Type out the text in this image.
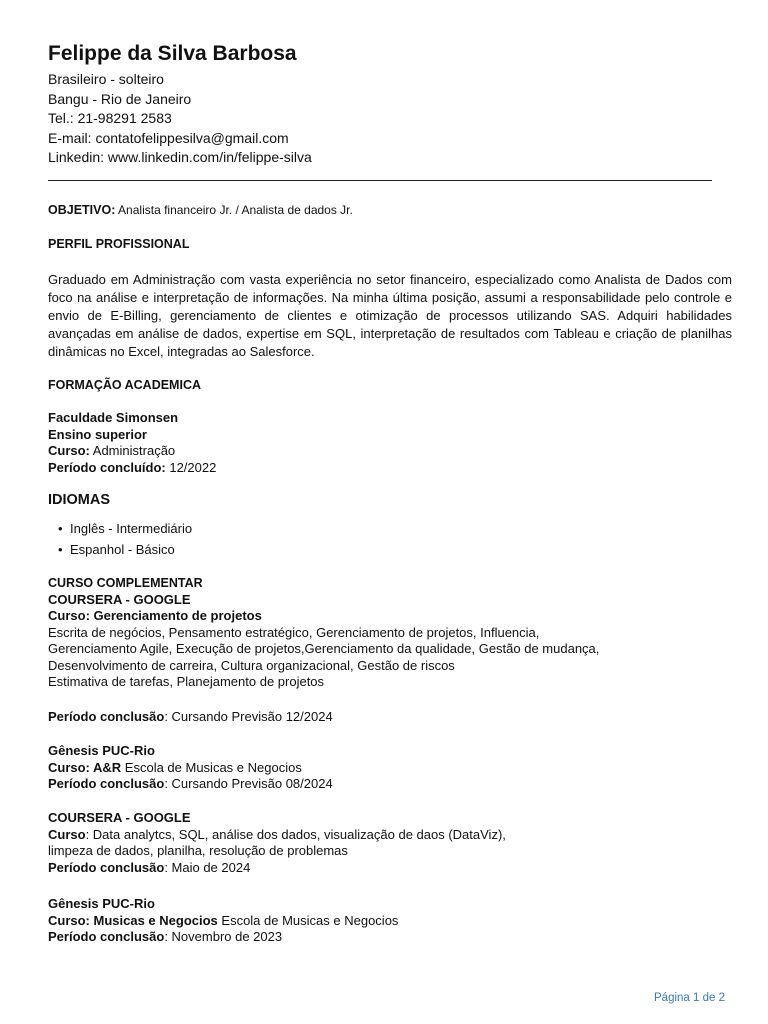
Felippe da Silva Barbosa
Brasileiro - solteiro
Bangu - Rio de Janeiro
Tel.: 21-98291 2583
E-mail: contatofelippesilva@gmail.com
Linkedin: www.linkedin.com/in/felippe-silva
OBJETIVO: Analista financeiro Jr. / Analista de dados Jr.
PERFIL PROFISSIONAL
Graduado em Administração com vasta experiência no setor financeiro, especializado como Analista de Dados com foco na análise e interpretação de informações. Na minha última posição, assumi a responsabilidade pelo controle e envio de E-Billing, gerenciamento de clientes e otimização de processos utilizando SAS. Adquiri habilidades avançadas em análise de dados, expertise em SQL, interpretação de resultados com Tableau e criação de planilhas dinâmicas no Excel, integradas ao Salesforce.
FORMAÇÃO ACADEMICA
Faculdade Simonsen
Ensino superior
Curso: Administração
Período concluído: 12/2022
IDIOMAS
• Inglês - Intermediário
• Espanhol - Básico
CURSO COMPLEMENTAR
COURSERA - GOOGLE
Curso: Gerenciamento de projetos
Escrita de negócios, Pensamento estratégico, Gerenciamento de projetos, Influencia,
Gerenciamento Agile, Execução de projetos,Gerenciamento da qualidade, Gestão de mudança,
Desenvolvimento de carreira, Cultura organizacional, Gestão de riscos
Estimativa de tarefas, Planejamento de projetos
Período conclusão: Cursando Previsão 12/2024
Gênesis PUC-Rio
Curso: A&R Escola de Musicas e Negocios
Período conclusão: Cursando Previsão 08/2024
COURSERA - GOOGLE
Curso: Data analytcs, SQL, análise dos dados, visualização de daos (DataViz),
limpeza de dados, planilha, resolução de problemas
Período conclusão: Maio de 2024
Gênesis PUC-Rio
Curso: Musicas e Negocios Escola de Musicas e Negocios
Período conclusão: Novembro de 2023
Página 1 de 2
